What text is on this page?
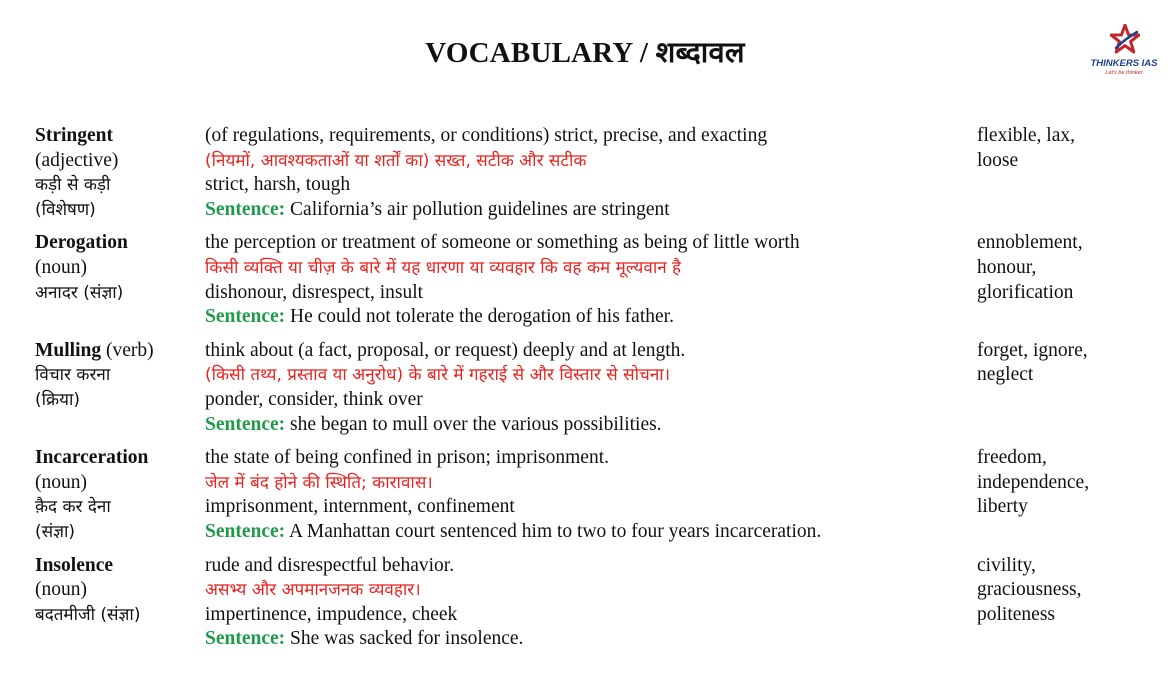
VOCABULARY / शब्दावल	THINKERS IAS
Let's be thinker
Stringent
(adjective)
कड़ी से कड़ी
(विशेषण)
(of regulations, requirements, or conditions) strict, precise, and exacting
(नियमों, आवश्यकताओं या शर्तों का) सख्त, सटीक और सटीक
strict, harsh, tough
Sentence: California’s air pollution guidelines are stringent
flexible, lax,
loose
Derogation
(noun)
अनादर (संज्ञा)
the perception or treatment of someone or something as being of little worth
किसी व्यक्ति या चीज़ के बारे में यह धारणा या व्यवहार कि वह कम मूल्यवान है
dishonour, disrespect, insult
Sentence: He could not tolerate the derogation of his father.
ennoblement,
honour,
glorification
Mulling (verb)
विचार करना
(क्रिया)
think about (a fact, proposal, or request) deeply and at length.
(किसी तथ्य, प्रस्ताव या अनुरोध) के बारे में गहराई से और विस्तार से सोचना।
ponder, consider, think over
Sentence: she began to mull over the various possibilities.
forget, ignore,
neglect
Incarceration
(noun)
क़ैद कर देना
(संज्ञा)
the state of being confined in prison; imprisonment.
जेल में बंद होने की स्थिति; कारावास।
imprisonment, internment, confinement
Sentence: A Manhattan court sentenced him to two to four years incarceration.
freedom,
independence,
liberty
Insolence
(noun)
बदतमीजी (संज्ञा)
rude and disrespectful behavior.
असभ्य और अपमानजनक व्यवहार।
impertinence, impudence, cheek
Sentence: She was sacked for insolence.
civility,
graciousness,
politeness
